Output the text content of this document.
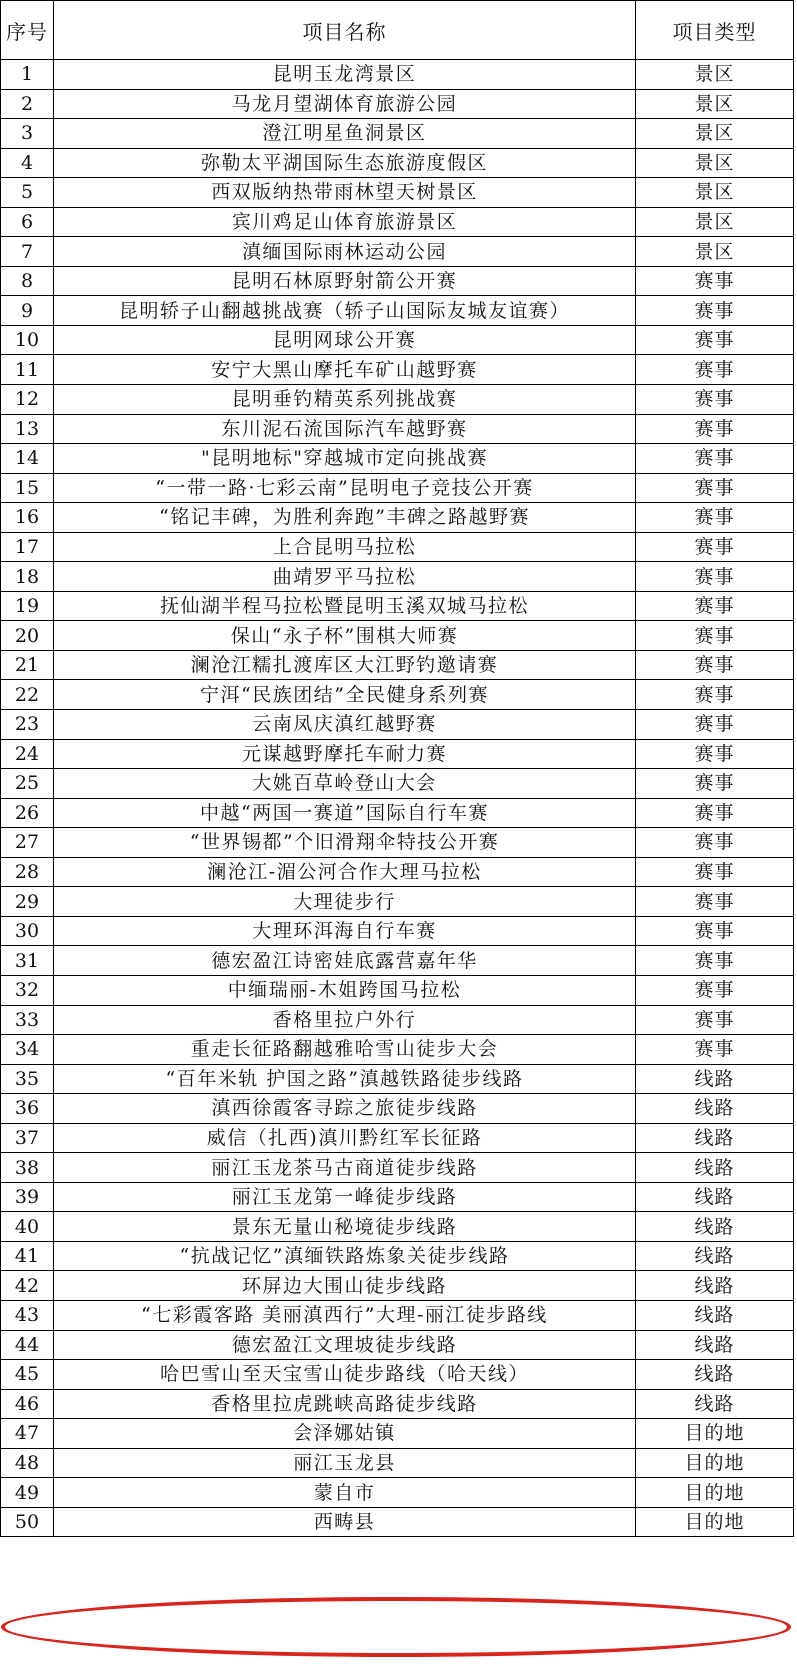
序号	项目名称	项目类型
1	昆明玉龙湾景区	景区
2	马龙月望湖体育旅游公园	景区
3	澄江明星鱼洞景区	景区
4	弥勒太平湖国际生态旅游度假区	景区
5	西双版纳热带雨林望天树景区	景区
6	宾川鸡足山体育旅游景区	景区
7	滇缅国际雨林运动公园	景区
8	昆明石林原野射箭公开赛	赛事
9	昆明轿子山翻越挑战赛（轿子山国际友城友谊赛）	赛事
10	昆明网球公开赛	赛事
11	安宁大黑山摩托车矿山越野赛	赛事
12	昆明垂钓精英系列挑战赛	赛事
13	东川泥石流国际汽车越野赛	赛事
14	"昆明地标"穿越城市定向挑战赛	赛事
15	“一带一路·七彩云南”昆明电子竞技公开赛	赛事
16	“铭记丰碑，为胜利奔跑”丰碑之路越野赛	赛事
17	上合昆明马拉松	赛事
18	曲靖罗平马拉松	赛事
19	抚仙湖半程马拉松暨昆明玉溪双城马拉松	赛事
20	保山“永子杯”围棋大师赛	赛事
21	澜沧江糯扎渡库区大江野钓邀请赛	赛事
22	宁洱“民族团结”全民健身系列赛	赛事
23	云南凤庆滇红越野赛	赛事
24	元谋越野摩托车耐力赛	赛事
25	大姚百草岭登山大会	赛事
26	中越“两国一赛道”国际自行车赛	赛事
27	“世界锡都”个旧滑翔伞特技公开赛	赛事
28	澜沧江-湄公河合作大理马拉松	赛事
29	大理徒步行	赛事
30	大理环洱海自行车赛	赛事
31	德宏盈江诗密娃底露营嘉年华	赛事
32	中缅瑞丽-木姐跨国马拉松	赛事
33	香格里拉户外行	赛事
34	重走长征路翻越雅哈雪山徒步大会	赛事
35	“百年米轨 护国之路”滇越铁路徒步线路	线路
36	滇西徐霞客寻踪之旅徒步线路	线路
37	威信（扎西)滇川黔红军长征路	线路
38	丽江玉龙茶马古商道徒步线路	线路
39	丽江玉龙第一峰徒步线路	线路
40	景东无量山秘境徒步线路	线路
41	“抗战记忆”滇缅铁路炼象关徒步线路	线路
42	环屏边大围山徒步线路	线路
43	“七彩霞客路 美丽滇西行”大理-丽江徒步路线	线路
44	德宏盈江文理坡徒步线路	线路
45	哈巴雪山至天宝雪山徒步路线（哈天线）	线路
46	香格里拉虎跳峡高路徒步线路	线路
47	会泽娜姑镇	目的地
48	丽江玉龙县	目的地
49	蒙自市	目的地
50	西畴县	目的地
